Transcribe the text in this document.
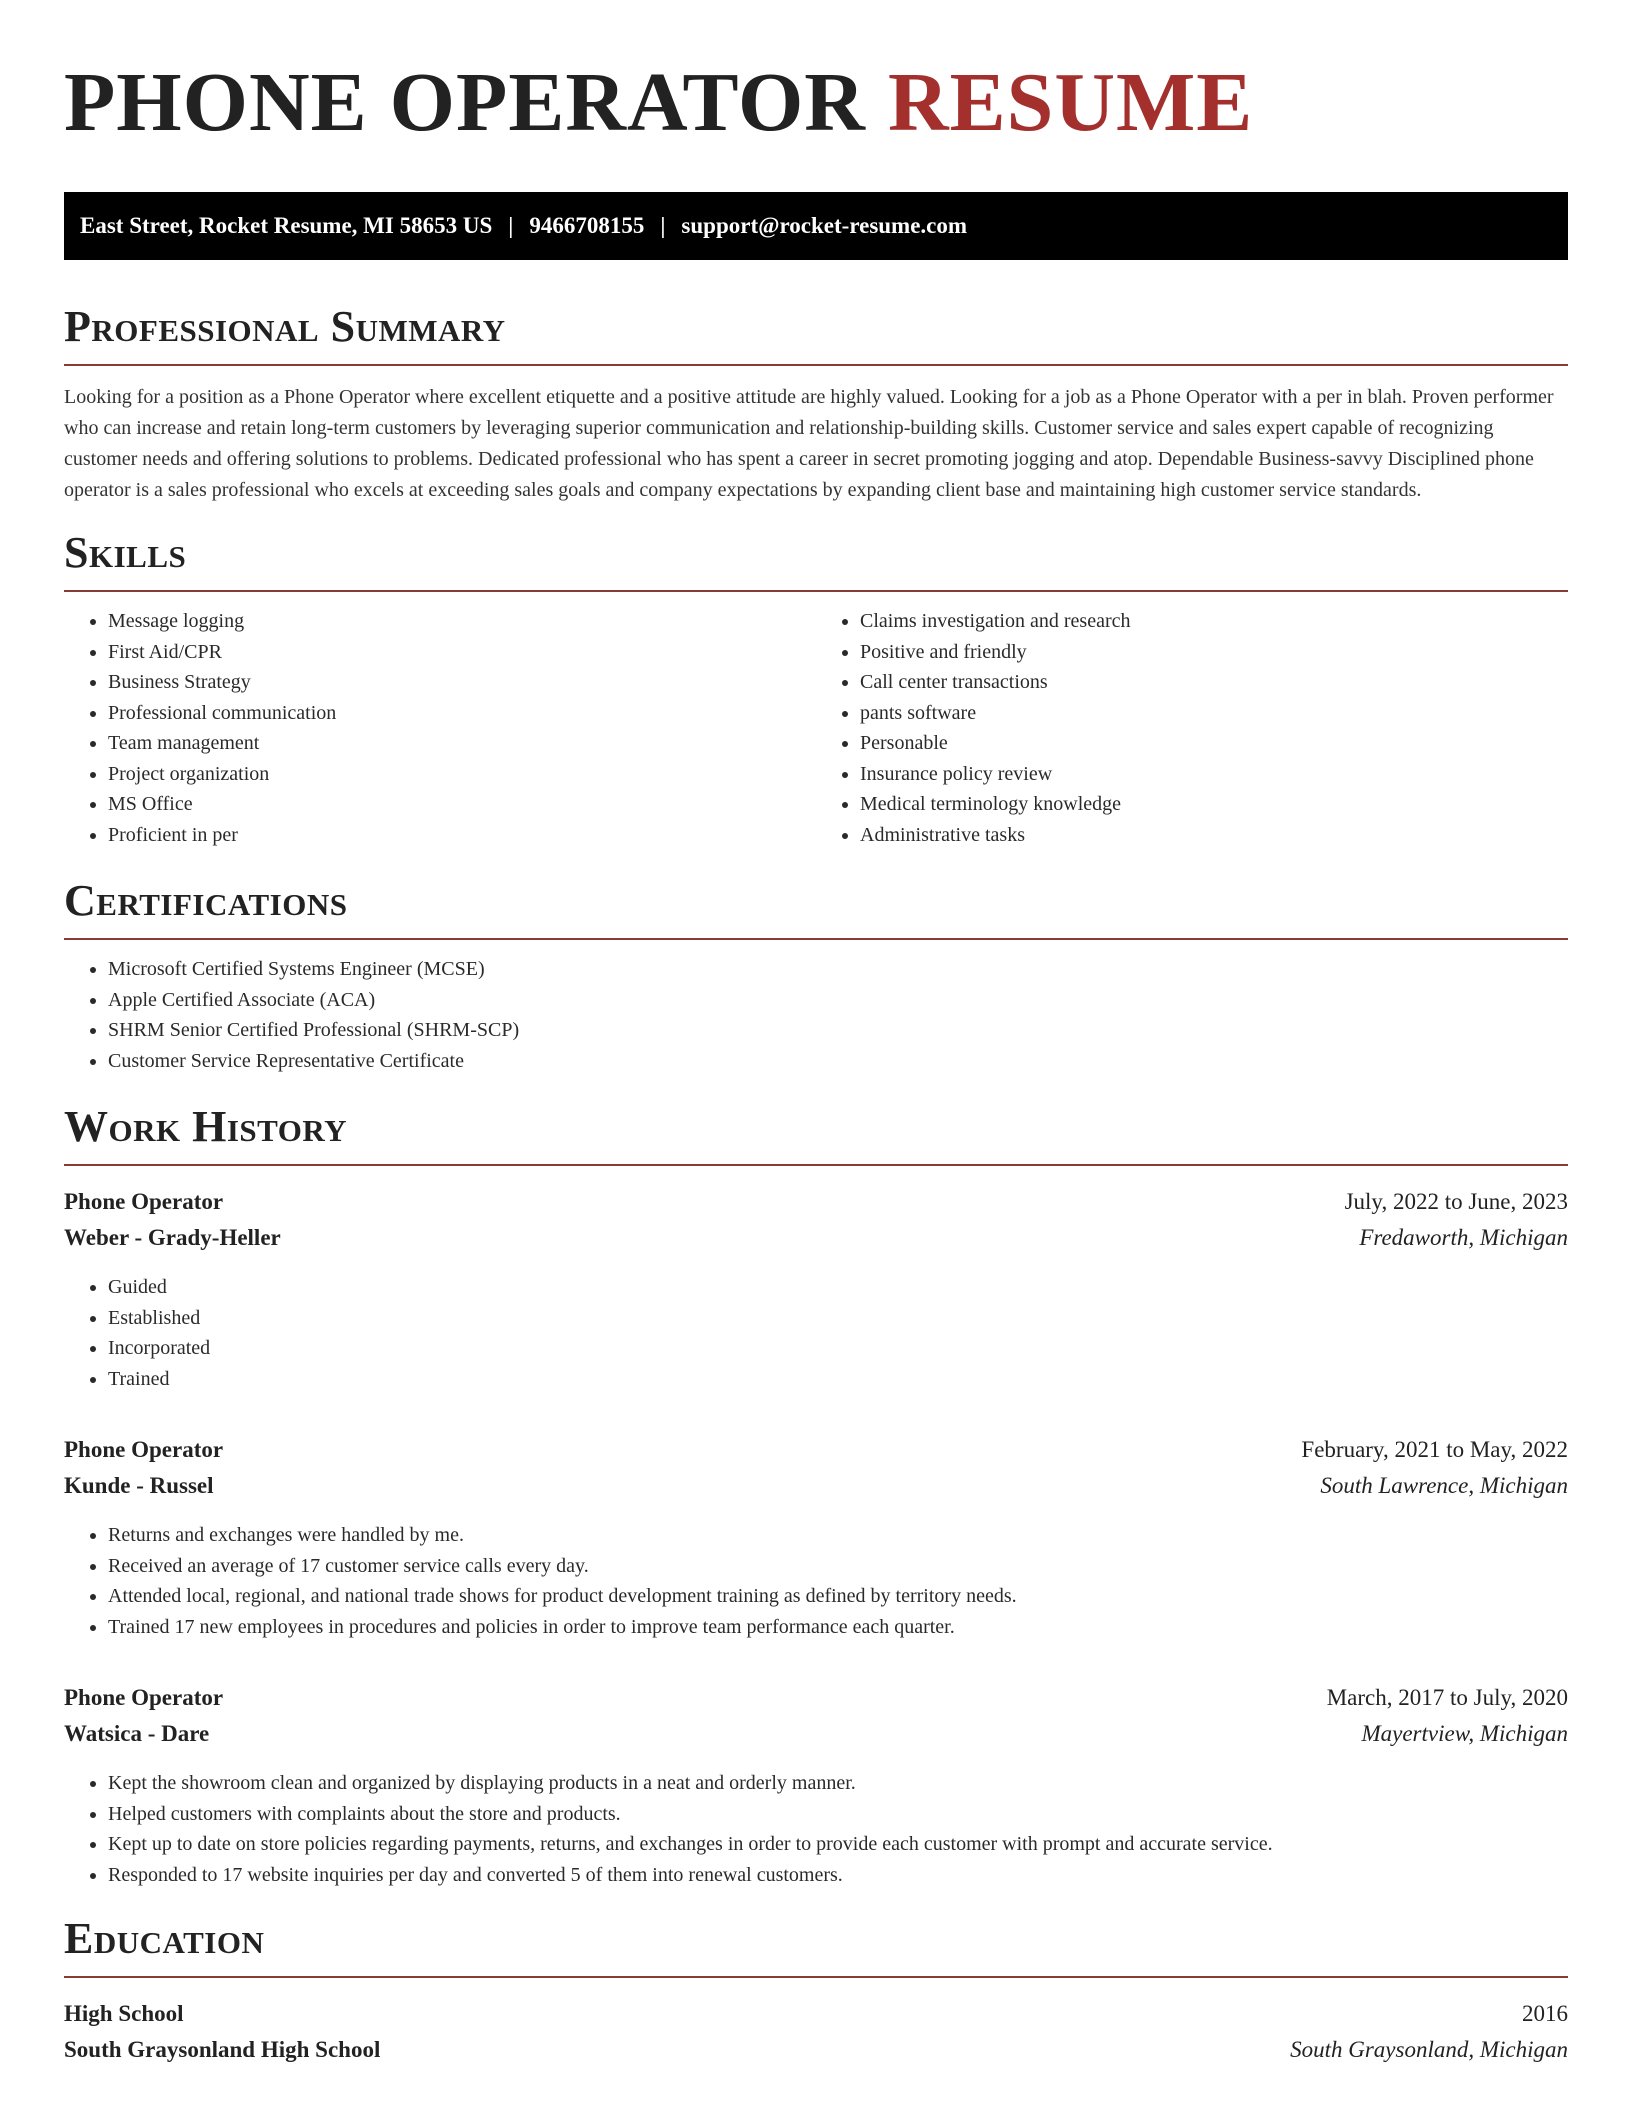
PHONE OPERATOR RESUME
East Street, Rocket Resume, MI 58653 US | 9466708155 | support@rocket-resume.com
Professional Summary

Looking for a position as a Phone Operator where excellent etiquette and a positive attitude are highly valued. Looking for a job as a Phone Operator with a per in blah. Proven performer who can increase and retain long-term customers by leveraging superior communication and relationship-building skills. Customer service and sales expert capable of recognizing customer needs and offering solutions to problems. Dedicated professional who has spent a career in secret promoting jogging and atop. Dependable Business-savvy Disciplined phone operator is a sales professional who excels at exceeding sales goals and company expectations by expanding client base and maintaining high customer service standards.

Skills
• Message logging
• First Aid/CPR
• Business Strategy
• Professional communication
• Team management
• Project organization
• MS Office
• Proficient in per
• Claims investigation and research
• Positive and friendly
• Call center transactions
• pants software
• Personable
• Insurance policy review
• Medical terminology knowledge
• Administrative tasks
Certifications
• Microsoft Certified Systems Engineer (MCSE)
• Apple Certified Associate (ACA)
• SHRM Senior Certified Professional (SHRM-SCP)
• Customer Service Representative Certificate
Work History
Phone Operator	July, 2022 to June, 2023
Weber - Grady-Heller	Fredaworth, Michigan
• Guided
• Established
• Incorporated
• Trained
Phone Operator	February, 2021 to May, 2022
Kunde - Russel	South Lawrence, Michigan
• Returns and exchanges were handled by me.
• Received an average of 17 customer service calls every day.
• Attended local, regional, and national trade shows for product development training as defined by territory needs.
• Trained 17 new employees in procedures and policies in order to improve team performance each quarter.
Phone Operator	March, 2017 to July, 2020
Watsica - Dare	Mayertview, Michigan
• Kept the showroom clean and organized by displaying products in a neat and orderly manner.
• Helped customers with complaints about the store and products.
• Kept up to date on store policies regarding payments, returns, and exchanges in order to provide each customer with prompt and accurate service.
• Responded to 17 website inquiries per day and converted 5 of them into renewal customers.
Education
High School	2016
South Graysonland High School	South Graysonland, Michigan
